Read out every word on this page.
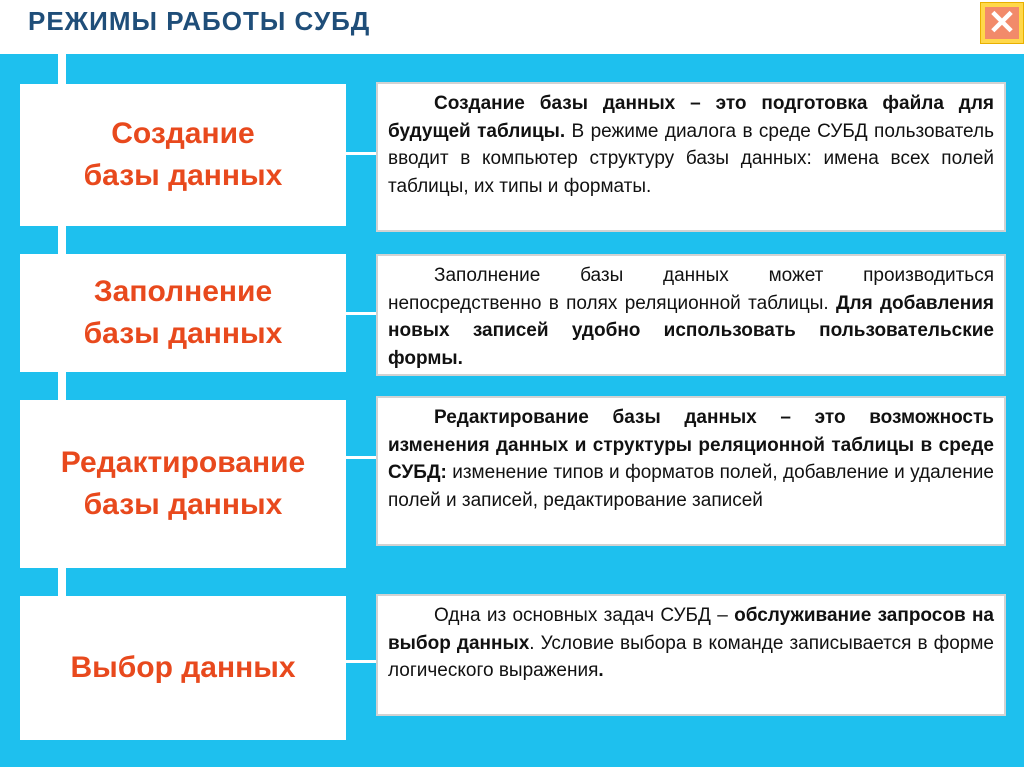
РЕЖИМЫ РАБОТЫ СУБД	✕
Создание
базы данных
Создание базы данных – это подготовка файла для будущей таблицы. В режиме диалога в среде СУБД пользователь вводит в компьютер структуру базы данных: имена всех полей таблицы, их типы и форматы.
Заполнение
базы данных
Заполнение базы данных может производиться непосредственно в полях реляционной таблицы. Для добавления новых записей удобно использовать пользовательские формы.
Редактирование
базы данных
Редактирование базы данных – это возможность изменения данных и структуры реляционной таблицы в среде СУБД: изменение типов и форматов полей, добавление и удаление полей и записей, редактирование записей
Выбор данных
Одна из основных задач СУБД – обслуживание запросов на выбор данных. Условие выбора в команде записывается в форме логического выражения.
